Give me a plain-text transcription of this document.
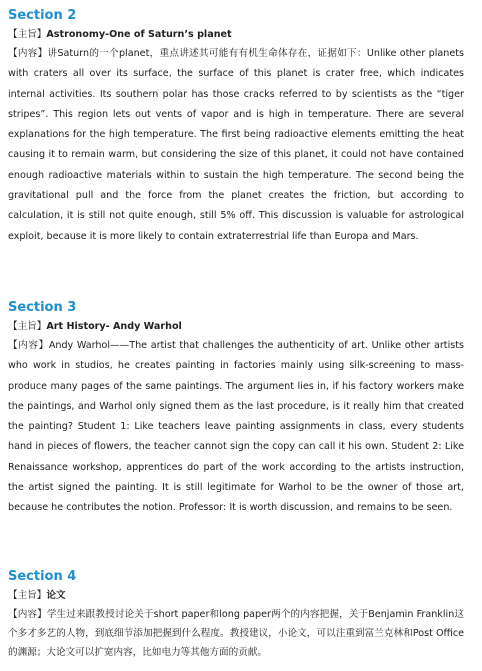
Section 2

【主旨】Astronomy-One of Saturn’s planet

【内容】讲Saturn的一个planet，重点讲述其可能有有机生命体存在，证据如下：Unlike other planets with craters all over its surface, the surface of this planet is crater free, which indicates internal activities. Its southern polar has those cracks referred to by scientists as the “tiger stripes”. This region lets out vents of vapor and is high in temperature. There are several explanations for the high temperature. The first being radioactive elements emitting the heat causing it to remain warm, but considering the size of this planet, it could not have contained enough radioactive materials within to sustain the high temperature. The second being the gravitational pull and the force from the planet creates the friction, but according to calculation, it is still not quite enough, still 5% off. This discussion is valuable for astrological exploit, because it is more likely to contain extraterrestrial life than Europa and Mars.

Section 3

【主旨】Art History- Andy Warhol

【内容】Andy Warhol——The artist that challenges the authenticity of art. Unlike other artists who work in studios, he creates painting in factories mainly using silk-screening to mass-produce many pages of the same paintings. The argument lies in, if his factory workers make the paintings, and Warhol only signed them as the last procedure, is it really him that created the painting? Student 1: Like teachers leave painting assignments in class, every students hand in pieces of flowers, the teacher cannot sign the copy can call it his own. Student 2: Like Renaissance workshop, apprentices do part of the work according to the artists instruction, the artist signed the painting. It is still legitimate for Warhol to be the owner of those art, because he contributes the notion. Professor: It is worth discussion, and remains to be seen.

Section 4

【主旨】论文

【内容】学生过来跟教授讨论关于short paper和long paper两个的内容把握，关于Benjamin Franklin这个多才多艺的人物，到底细节添加把握到什么程度。教授建议，小论文，可以注重到富兰克林和Post Office的渊源；大论文可以扩宽内容，比如电力等其他方面的贡献。
